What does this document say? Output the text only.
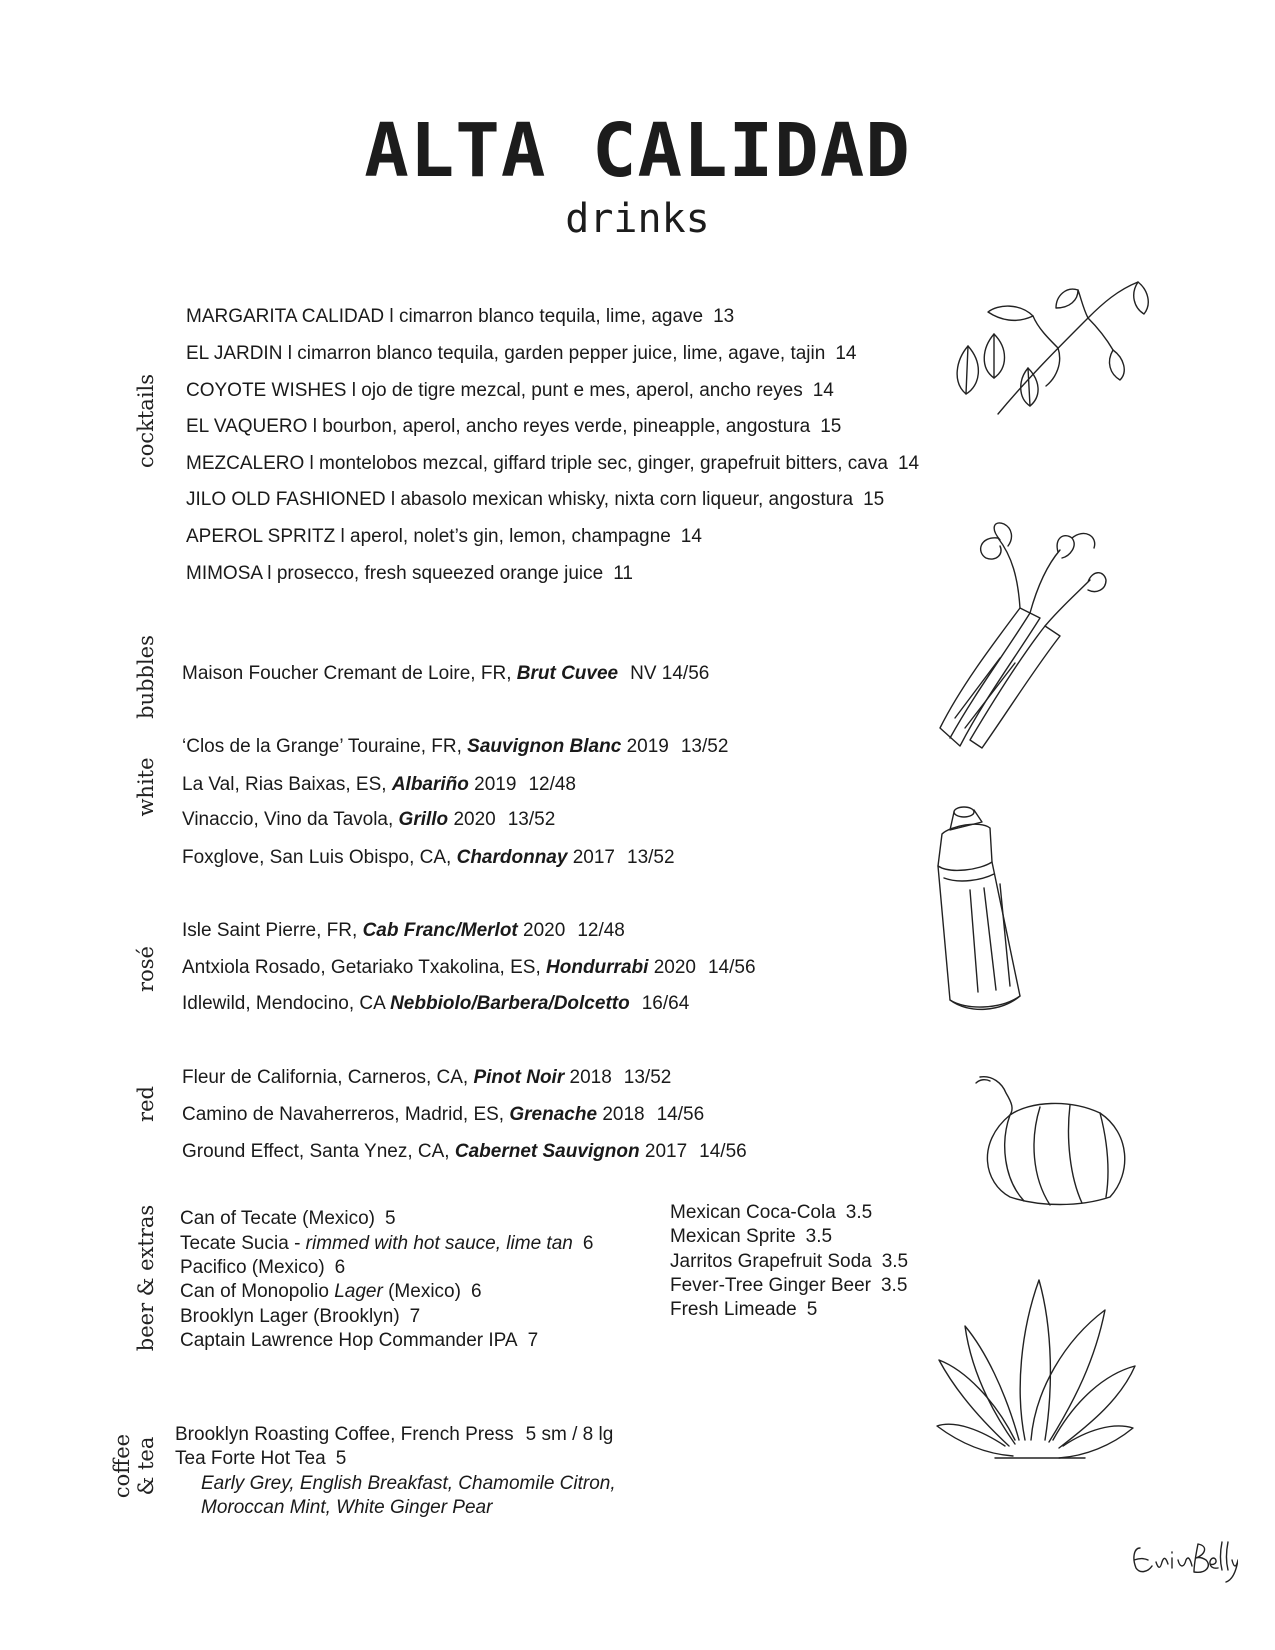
ALTA CALIDAD
drinks
cocktails
bubbles
white
rosé
red
beer & extras
coffee & tea
MARGARITA CALIDAD l cimarron blanco tequila, lime, agave 13
EL JARDIN l cimarron blanco tequila, garden pepper juice, lime, agave, tajin 14
COYOTE WISHES l ojo de tigre mezcal, punt e mes, aperol, ancho reyes 14
EL VAQUERO l bourbon, aperol, ancho reyes verde, pineapple, angostura 15
MEZCALERO l montelobos mezcal, giffard triple sec, ginger, grapefruit bitters, cava 14
JILO OLD FASHIONED l abasolo mexican whisky, nixta corn liqueur, angostura 15
APEROL SPRITZ l aperol, nolet’s gin, lemon, champagne 14
MIMOSA l prosecco, fresh squeezed orange juice 11
Maison Foucher Cremant de Loire, FR, Brut Cuvee NV 14/56
‘Clos de la Grange’ Touraine, FR, Sauvignon Blanc 2019 13/52
La Val, Rias Baixas, ES, Albariño 2019 12/48
Vinaccio, Vino da Tavola, Grillo 2020 13/52
Foxglove, San Luis Obispo, CA, Chardonnay 2017 13/52
Isle Saint Pierre, FR, Cab Franc/Merlot 2020 12/48
Antxiola Rosado, Getariako Txakolina, ES, Hondurrabi 2020 14/56
Idlewild, Mendocino, CA Nebbiolo/Barbera/Dolcetto 16/64
Fleur de California, Carneros, CA, Pinot Noir 2018 13/52
Camino de Navaherreros, Madrid, ES, Grenache 2018 14/56
Ground Effect, Santa Ynez, CA, Cabernet Sauvignon 2017 14/56
Can of Tecate (Mexico) 5
Tecate Sucia - rimmed with hot sauce, lime tan 6
Pacifico (Mexico) 6
Can of Monopolio Lager (Mexico) 6
Brooklyn Lager (Brooklyn) 7
Captain Lawrence Hop Commander IPA 7
Mexican Coca-Cola 3.5
Mexican Sprite 3.5
Jarritos Grapefruit Soda 3.5
Fever-Tree Ginger Beer 3.5
Fresh Limeade 5
Brooklyn Roasting Coffee, French Press 5 sm / 8 lg
Tea Forte Hot Tea 5
Early Grey, English Breakfast, Chamomile Citron,
Moroccan Mint, White Ginger Pear
